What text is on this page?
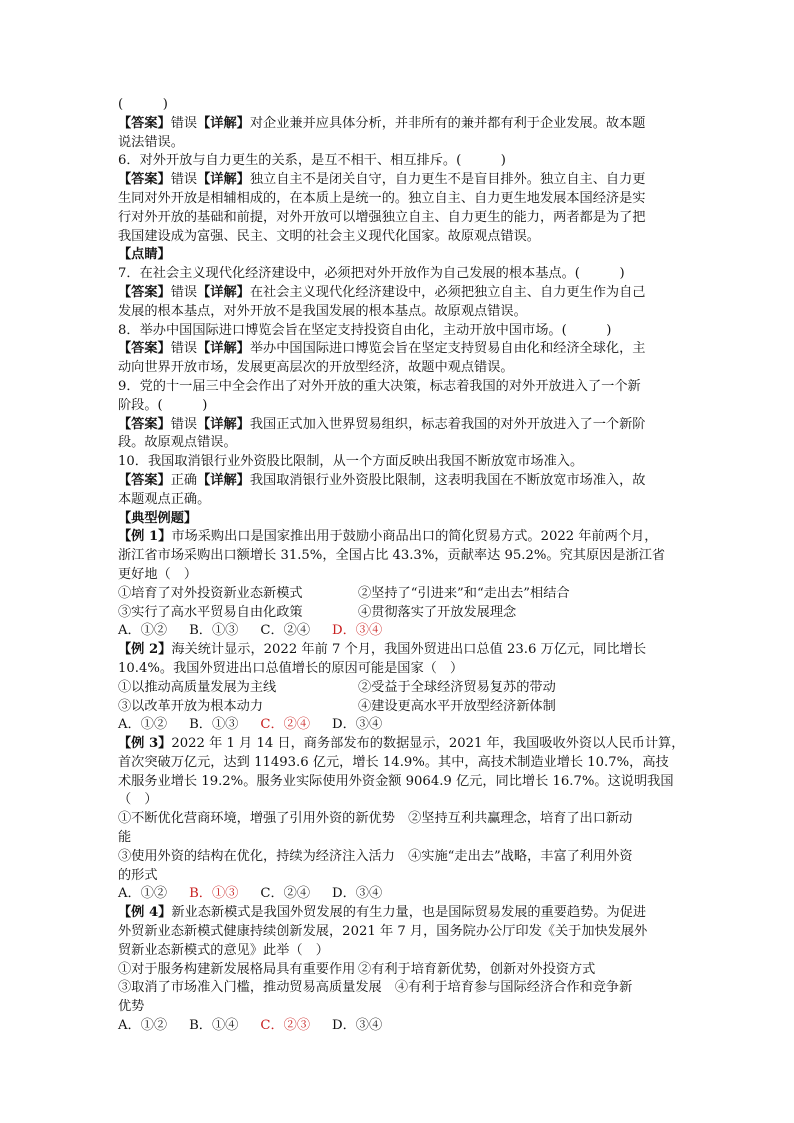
(　　　)
【答案】错误【详解】对企业兼并应具体分析，并非所有的兼并都有利于企业发展。故本题
说法错误。
6．对外开放与自力更生的关系，是互不相干、相互排斥。(　　　)
【答案】错误【详解】独立自主不是闭关自守，自力更生不是盲目排外。独立自主、自力更
生同对外开放是相辅相成的，在本质上是统一的。独立自主、自力更生地发展本国经济是实
行对外开放的基础和前提，对外开放可以增强独立自主、自力更生的能力，两者都是为了把
我国建设成为富强、民主、文明的社会主义现代化国家。故原观点错误。
【点睛】
7．在社会主义现代化经济建设中，必须把对外开放作为自己发展的根本基点。(　　　)
【答案】错误【详解】在社会主义现代化经济建设中，必须把独立自主、自力更生作为自己
发展的根本基点，对外开放不是我国发展的根本基点。故原观点错误。
8．举办中国国际进口博览会旨在坚定支持投资自由化，主动开放中国市场。(　　　)
【答案】错误【详解】举办中国国际进口博览会旨在坚定支持贸易自由化和经济全球化，主
动向世界开放市场，发展更高层次的开放型经济，故题中观点错误。
9．党的十一届三中全会作出了对外开放的重大决策，标志着我国的对外开放进入了一个新
阶段。(　　　)
【答案】错误【详解】我国正式加入世界贸易组织，标志着我国的对外开放进入了一个新阶
段。故原观点错误。
10．我国取消银行业外资股比限制，从一个方面反映出我国不断放宽市场准入。
【答案】正确【详解】我国取消银行业外资股比限制，这表明我国在不断放宽市场准入，故
本题观点正确。
【典型例题】
【例 1】市场采购出口是国家推出用于鼓励小商品出口的简化贸易方式。2022 年前两个月，
浙江省市场采购出口额增长 31.5%，全国占比 43.3%，贡献率达 95.2%。究其原因是浙江省
更好地（　）
①培育了对外投资新业态新模式	②坚持了“引进来”和“走出去”相结合
③实行了高水平贸易自由化政策	④贯彻落实了开放发展理念
A．①② B．①③ C．②④ D．③④
【例 2】海关统计显示，2022 年前 7 个月，我国外贸进出口总值 23.6 万亿元，同比增长
10.4%。我国外贸进出口总值增长的原因可能是国家（　）
①以推动高质量发展为主线	②受益于全球经济贸易复苏的带动
③以改革开放为根本动力	④建设更高水平开放型经济新体制
A．①② B．①③ C．②④ D．③④
【例 3】2022 年 1 月 14 日，商务部发布的数据显示，2021 年，我国吸收外资以人民币计算，
首次突破万亿元，达到 11493.6 亿元，增长 14.9%。其中，高技术制造业增长 10.7%，高技
术服务业增长 19.2%。服务业实际使用外资金额 9064.9 亿元，同比增长 16.7%。这说明我国
（　）
①不断优化营商环境，增强了引用外资的新优势　②坚持互利共赢理念，培育了出口新动
能
③使用外资的结构在优化，持续为经济注入活力　④实施“走出去”战略，丰富了利用外资
的形式
A．①② B．①③ C．②④ D．③④
【例 4】新业态新模式是我国外贸发展的有生力量，也是国际贸易发展的重要趋势。为促进
外贸新业态新模式健康持续创新发展，2021 年 7 月，国务院办公厅印发《关于加快发展外
贸新业态新模式的意见》此举（　）
①对于服务构建新发展格局具有重要作用 ②有利于培育新优势，创新对外投资方式
③取消了市场准入门槛，推动贸易高质量发展　④有利于培育参与国际经济合作和竞争新
优势
A．①② B．①④ C．②③ D．③④
